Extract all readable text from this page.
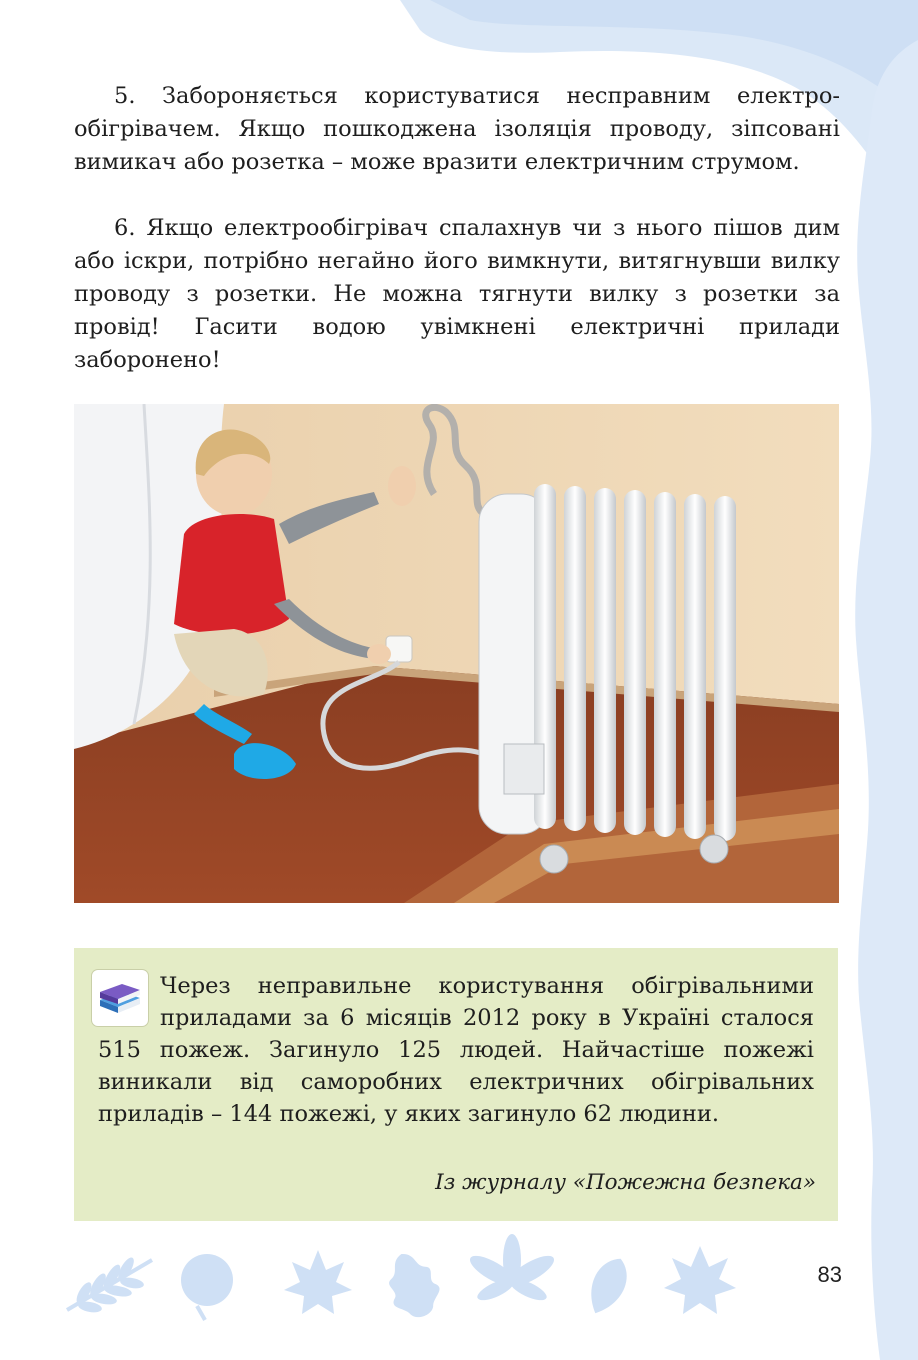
5. Забороняється користуватися несправним електрообігрівачем. Якщо пошкоджена ізоляція проводу, зіпсовані вимикач або розетка – може вразити електричним струмом.

6. Якщо електрообігрівач спалахнув чи з нього пішов дим або іскри, потрібно негайно його вимкнути, витягнувши вилку проводу з розетки. Не можна тягнути вилку з розетки за провід! Гасити водою увімкнені електричні прилади заборонено!

Через неправильне користування обігрівальними приладами за 6 місяців 2012 року в Україні сталося 515 пожеж. Загинуло 125 людей. Найчастіше пожежі виникали від саморобних електричних обігрівальних приладів – 144 пожежі, у яких загинуло 62 людини.

Із журналу «Пожежна безпека»

83
